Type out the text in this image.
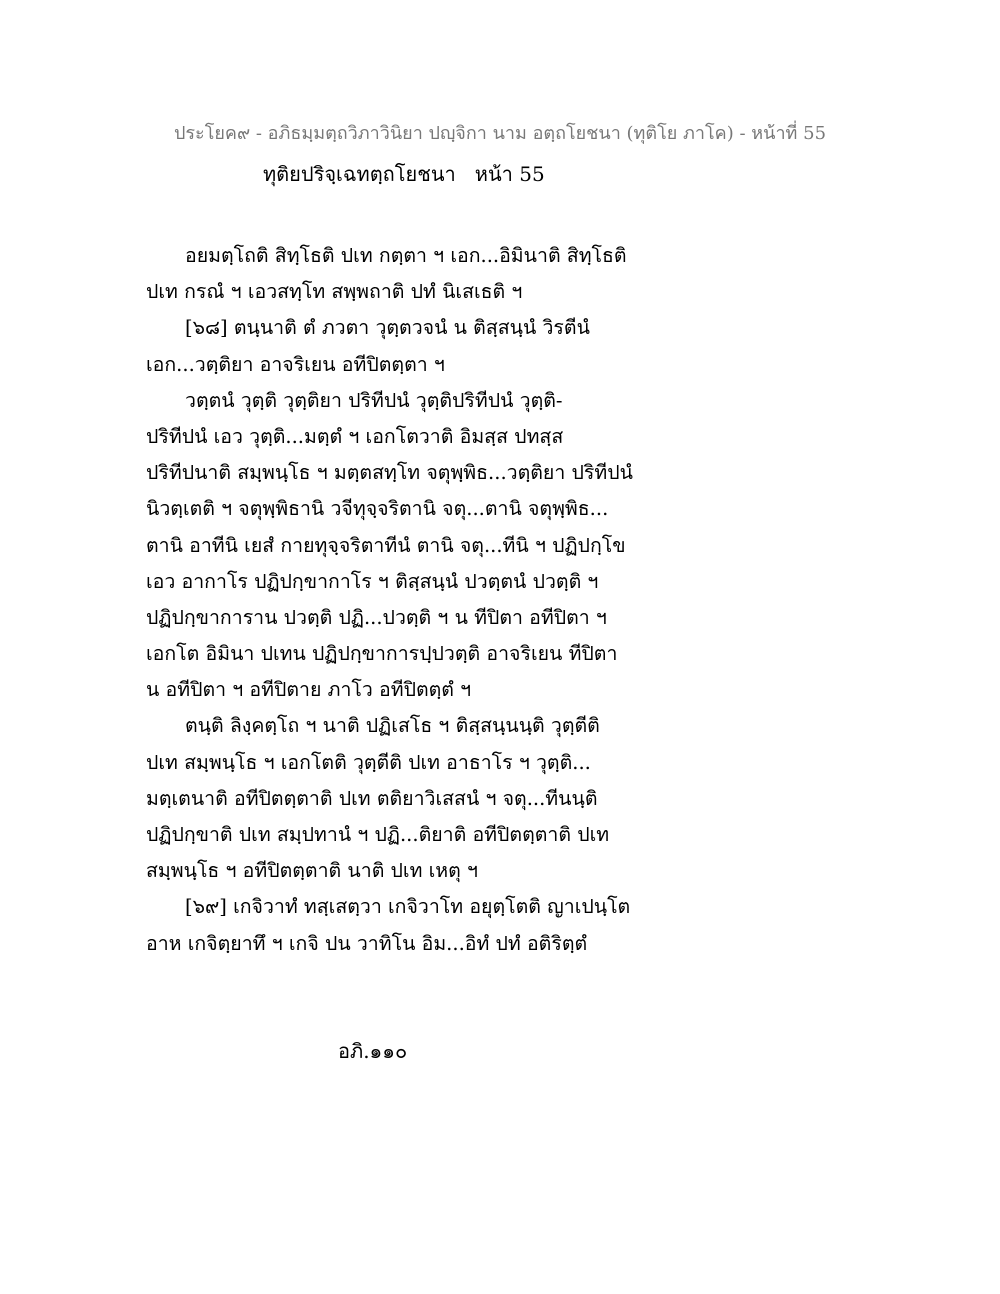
ประโยค๙ - อภิธมฺมตฺถวิภาวินิยา ปญฺจิกา นาม อตฺถโยชนา (ทุติโย ภาโค) - หน้าที่ 55
ทุติยปริจฺเฉทตฺถโยชนา   หน้า 55
อยมตฺโถติ สิทฺโธติ ปเท กตฺตา ฯ เอก...อิมินาติ สิทฺโธติ
ปเท กรณํ ฯ เอวสทฺโท สพฺพถาติ ปทํ นิเสเธติ ฯ
[๖๘] ตนฺนาติ ตํ ภวตา วุตฺตวจนํ น ติสฺสนฺนํ วิรตีนํ
เอก...วตฺติยา อาจริเยน อทีปิตตฺตา ฯ
วตฺตนํ วุตฺติ วุตฺติยา ปริทีปนํ วุตฺติปริทีปนํ วุตฺติ-
ปริทีปนํ เอว วุตฺติ...มตฺตํ ฯ เอกโตวาติ อิมสฺส ปทสฺส
ปริทีปนาติ สมฺพนฺโธ ฯ มตฺตสทฺโท จตุพฺพิธ...วตฺติยา ปริทีปนํ
นิวตฺเตติ ฯ จตุพฺพิธานิ วจีทุจฺจริตานิ จตุ...ตานิ จตุพฺพิธ...
ตานิ อาทีนิ เยสํ กายทุจฺจริตาทีนํ ตานิ จตุ...ทีนิ ฯ ปฏิปกฺโข
เอว อากาโร ปฏิปกฺขากาโร ฯ ติสฺสนฺนํ ปวตฺตนํ ปวตฺติ ฯ
ปฏิปกฺขาการาน ปวตฺติ ปฏิ...ปวตฺติ ฯ น ทีปิตา อทีปิตา ฯ
เอกโต อิมินา ปเทน ปฏิปกฺขาการปฺปวตฺติ อาจริเยน ทีปิตา
น อทีปิตา ฯ อทีปิตาย ภาโว อทีปิตตฺตํ ฯ
ตนฺติ ลิงฺคตฺโถ ฯ นาติ ปฏิเสโธ ฯ ติสฺสนฺนนฺติ วุตฺตีติ
ปเท สมฺพนฺโธ ฯ เอกโตติ วุตฺตีติ ปเท อาธาโร ฯ วุตฺติ...
มตฺเตนาติ อทีปิตตฺตาติ ปเท ตติยาวิเสสนํ ฯ จตุ...ทีนนฺติ
ปฏิปกฺขาติ ปเท สมฺปทานํ ฯ ปฏิ...ติยาติ อทีปิตตฺตาติ ปเท
สมฺพนฺโธ ฯ อทีปิตตฺตาติ นาติ ปเท เหตุ ฯ
[๖๙] เกจิวาทํ ทสฺเสตฺวา เกจิวาโท อยุตฺโตติ ญาเปนฺโต
อาห เกจิตฺยาทึ ฯ เกจิ ปน วาทิโน อิม...อิทํ ปทํ อติริตฺตํ
อภิ.๑๑๐
